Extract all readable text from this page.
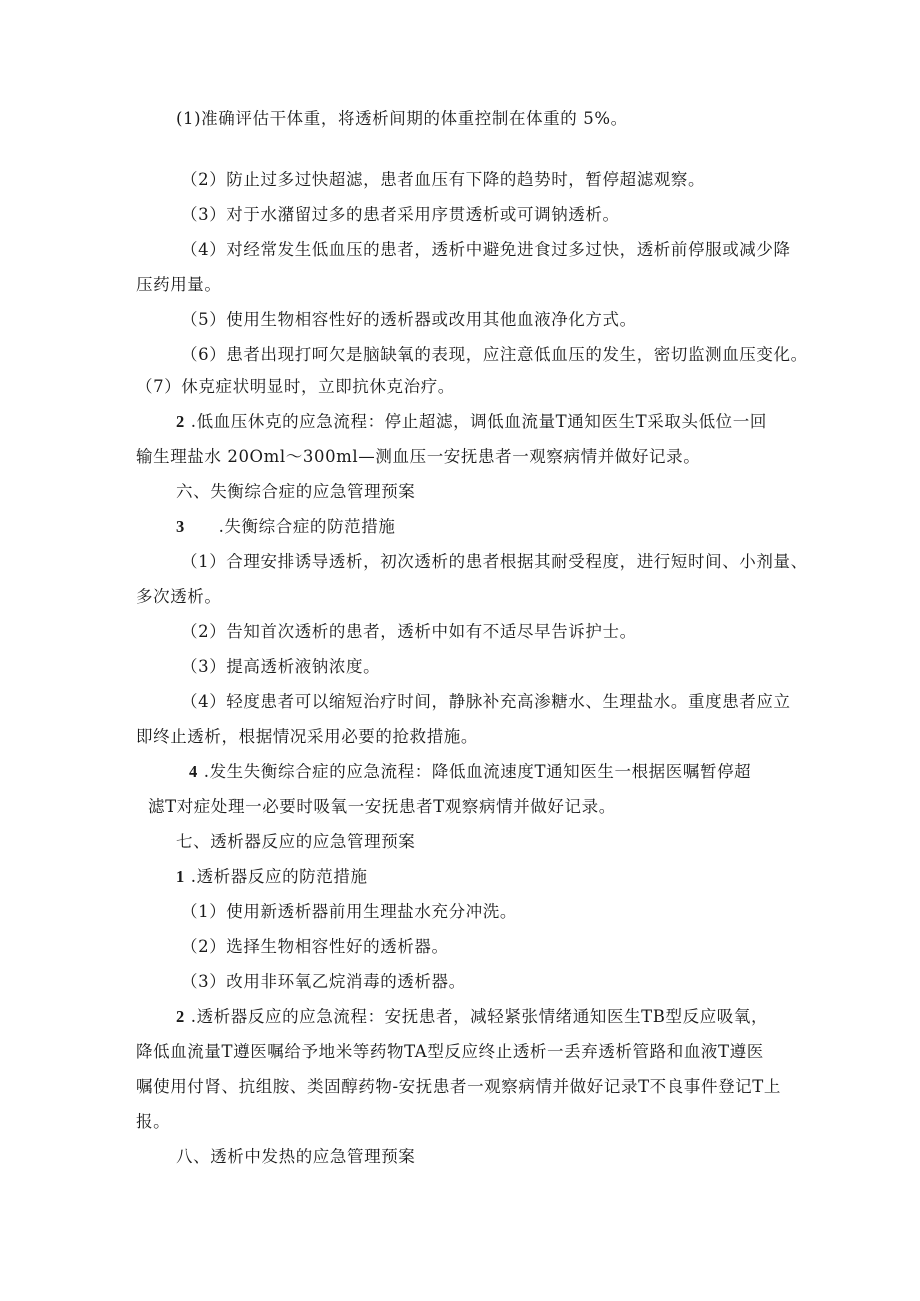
(1)准确评估干体重，将透析间期的体重控制在体重的 5%。
（2）防止过多过快超滤，患者血压有下降的趋势时，暂停超滤观察。
（3）对于水潴留过多的患者采用序贯透析或可调钠透析。
（4）对经常发生低血压的患者，透析中避免进食过多过快，透析前停服或减少降
压药用量。
（5）使用生物相容性好的透析器或改用其他血液净化方式。
（6）患者出现打呵欠是脑缺氧的表现，应注意低血压的发生，密切监测血压变化。
（7）休克症状明显时，立即抗休克治疗。
2 .低血压休克的应急流程：停止超滤，调低血流量T通知医生T采取头低位一回
输生理盐水 20Oml～300ml—测血压一安抚患者一观察病情并做好记录。
六、失衡综合症的应急管理预案
3 .失衡综合症的防范措施
（1）合理安排诱导透析，初次透析的患者根据其耐受程度，进行短时间、小剂量、
多次透析。
（2）告知首次透析的患者，透析中如有不适尽早告诉护士。
（3）提高透析液钠浓度。
（4）轻度患者可以缩短治疗时间，静脉补充高渗糖水、生理盐水。重度患者应立
即终止透析，根据情况采用必要的抢救措施。
4 .发生失衡综合症的应急流程：降低血流速度T通知医生一根据医嘱暂停超
滤T对症处理一必要时吸氧一安抚患者T观察病情并做好记录。
七、透析器反应的应急管理预案
1 .透析器反应的防范措施
（1）使用新透析器前用生理盐水充分冲洗。
（2）选择生物相容性好的透析器。
（3）改用非环氧乙烷消毒的透析器。
2 .透析器反应的应急流程：安抚患者，减轻紧张情绪通知医生TB型反应吸氧，
降低血流量T遵医嘱给予地米等药物TA型反应终止透析一丢弃透析管路和血液T遵医
嘱使用付肾、抗组胺、类固醇药物-安抚患者一观察病情并做好记录T不良事件登记T上
报。
八、透析中发热的应急管理预案
